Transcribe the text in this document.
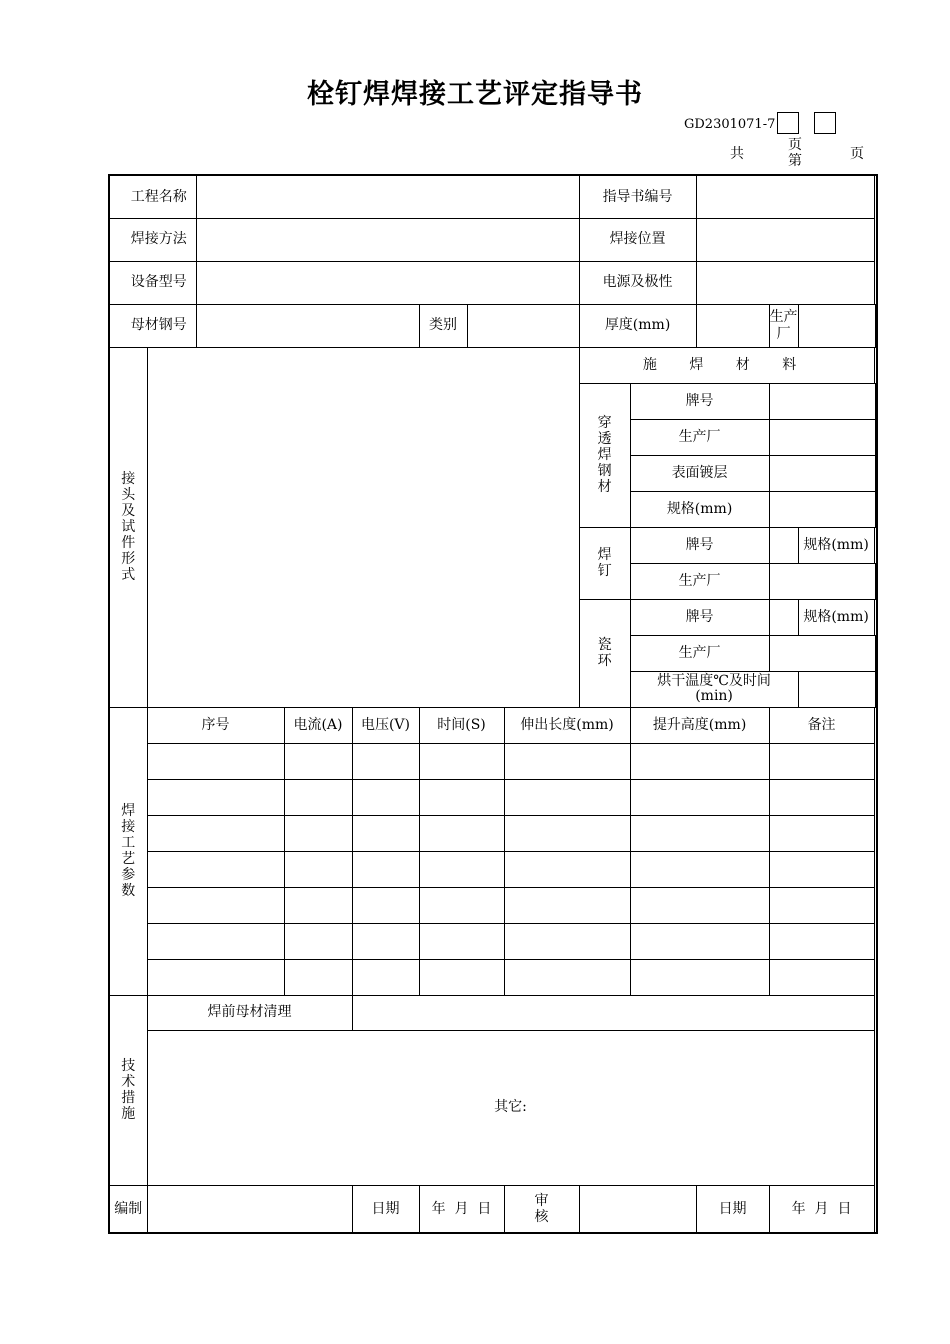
栓钉焊焊接工艺评定指导书
GD2301071-7
共
页
第	页
工程名称								指导书编号					
焊接方法								焊接位置					
设备型号								电源及极性					
母材钢号					类别			厚度(mm)			生产厂		
接头及试件形式								施 焊 材 料					
								穿透焊钢材	牌号				
									生产厂				
									表面镀层				
									规格(mm)				
								焊钉	牌号			规格(mm)	
									生产厂				
								瓷环	牌号			规格(mm)	
									生产厂				
									烘干温度℃及时间(min)				
焊接工艺参数	序号		电流(A)	电压(V)	时间(S)		伸出长度(mm)		提升高度(mm)		备注		

技术措施	焊前母材清理												
	其它:												
编制				日期	年  月  日		审核			日期	年  月  日		
